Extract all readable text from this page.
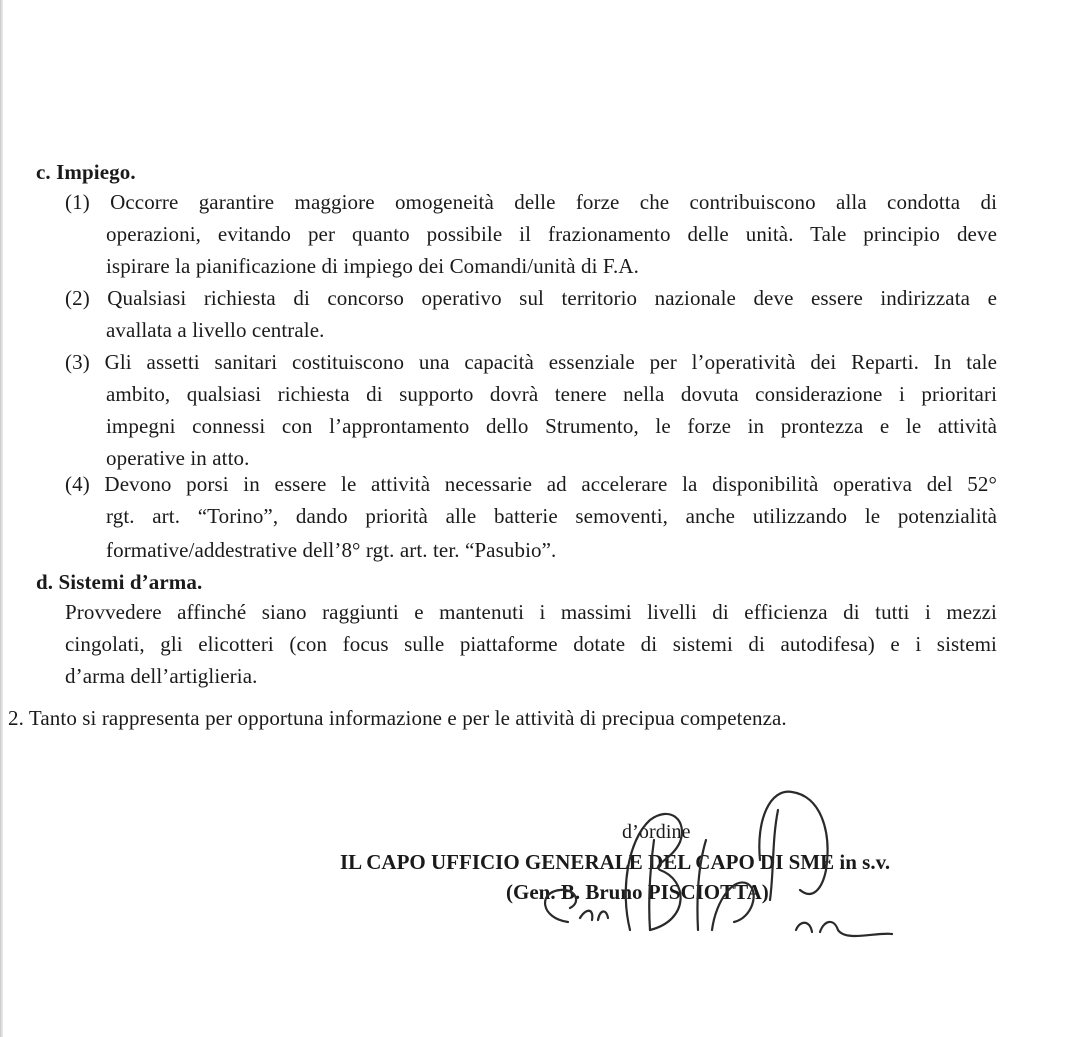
c. Impiego.
(1) Occorre garantire maggiore omogeneità delle forze che contribuiscono alla condotta di
operazioni, evitando per quanto possibile il frazionamento delle unità. Tale principio deve
ispirare la pianificazione di impiego dei Comandi/unità di F.A.
(2) Qualsiasi richiesta di concorso operativo sul territorio nazionale deve essere indirizzata e
avallata a livello centrale.
(3) Gli assetti sanitari costituiscono una capacità essenziale per l’operatività dei Reparti. In tale
ambito, qualsiasi richiesta di supporto dovrà tenere nella dovuta considerazione i prioritari
impegni connessi con l’approntamento dello Strumento, le forze in prontezza e le attività
operative in atto.
(4) Devono porsi in essere le attività necessarie ad accelerare la disponibilità operativa del 52°
rgt. art. “Torino”, dando priorità alle batterie semoventi, anche utilizzando le potenzialità
formative/addestrative dell’8° rgt. art. ter. “Pasubio”.
d. Sistemi d’arma.
Provvedere affinché siano raggiunti e mantenuti i massimi livelli di efficienza di tutti i mezzi
cingolati, gli elicotteri (con focus sulle piattaforme dotate di sistemi di autodifesa) e i sistemi
d’arma dell’artiglieria.
2. Tanto si rappresenta per opportuna informazione e per le attività di precipua competenza.
d’ordine
IL CAPO UFFICIO GENERALE DEL CAPO DI SME in s.v.
(Gen. B. Bruno PISCIOTTA)
